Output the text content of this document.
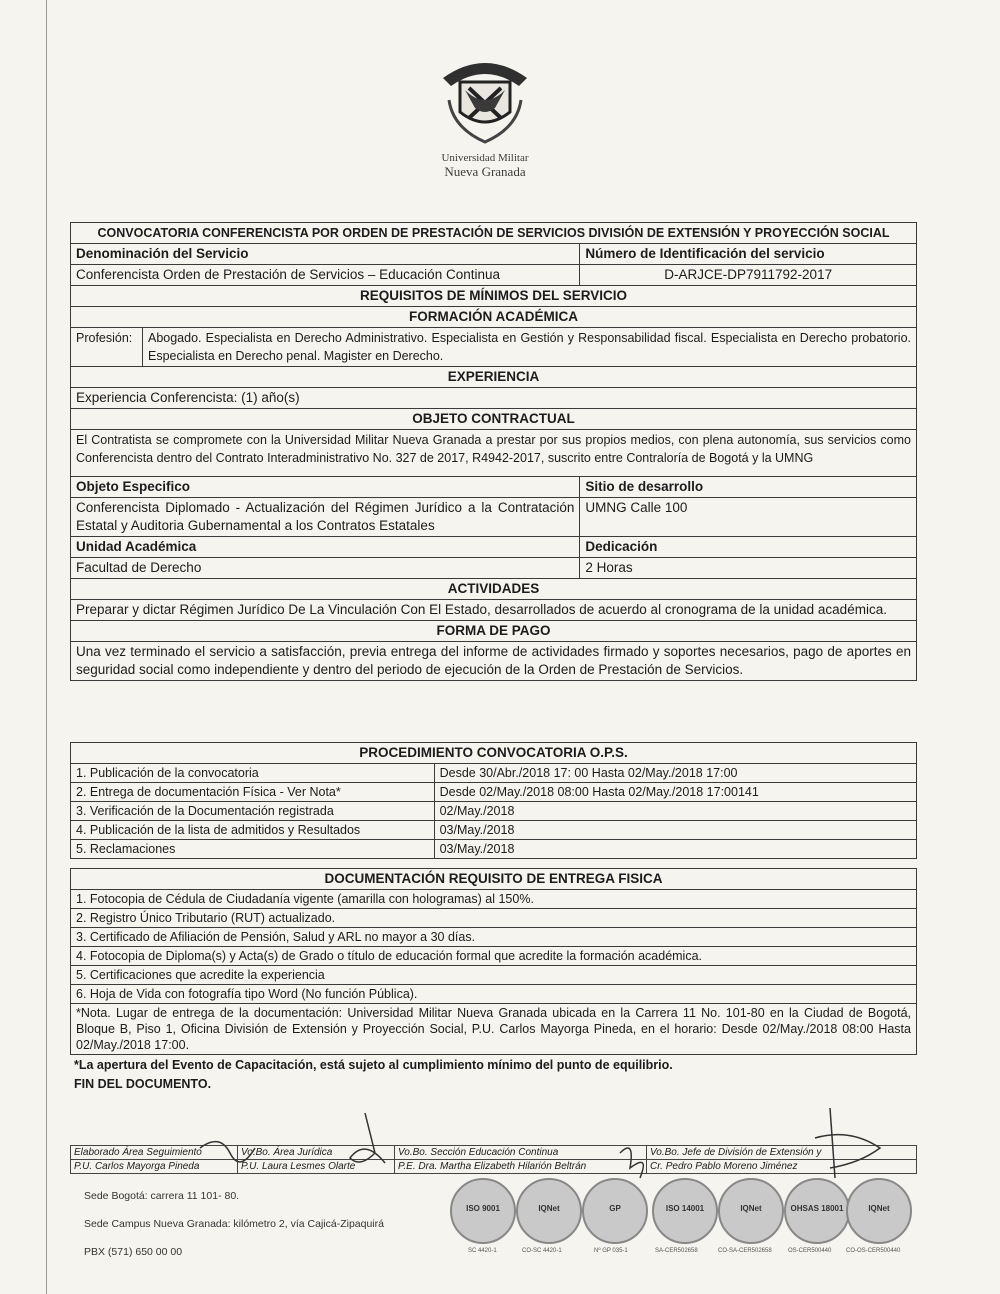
Universidad Militar
Nueva Granada
CONVOCATORIA CONFERENCISTA POR ORDEN DE PRESTACIÓN DE SERVICIOS DIVISIÓN DE EXTENSIÓN Y PROYECCIÓN SOCIAL		
Denominación del Servicio		Número de Identificación del servicio
Conferencista Orden de Prestación de Servicios – Educación Continua		D-ARJCE-DP7911792-2017
REQUISITOS DE MÍNIMOS DEL SERVICIO		
FORMACIÓN ACADÉMICA		
Profesión:	Abogado. Especialista en Derecho Administrativo. Especialista en Gestión y Responsabilidad fiscal. Especialista en Derecho probatorio. Especialista en Derecho penal. Magister en Derecho.	
EXPERIENCIA		
Experiencia Conferencista: (1) año(s)		
OBJETO CONTRACTUAL		
El Contratista se compromete con la Universidad Militar Nueva Granada a prestar por sus propios medios, con plena autonomía, sus servicios como Conferencista dentro del Contrato Interadministrativo No. 327 de 2017, R4942-2017, suscrito entre Contraloría de Bogotá y la UMNG		
Objeto Especifico		Sitio de desarrollo
Conferencista Diplomado - Actualización del Régimen Jurídico a la Contratación Estatal y Auditoria Gubernamental a los Contratos Estatales		UMNG Calle 100
Unidad Académica		Dedicación
Facultad de Derecho		2 Horas
ACTIVIDADES		
Preparar y dictar Régimen Jurídico De La Vinculación Con El Estado, desarrollados de acuerdo al cronograma de la unidad académica.		
FORMA DE PAGO		
Una vez terminado el servicio a satisfacción, previa entrega del informe de actividades firmado y soportes necesarios, pago de aportes en seguridad social como independiente y dentro del periodo de ejecución de la Orden de Prestación de Servicios.		
PROCEDIMIENTO CONVOCATORIA O.P.S.	
1. Publicación de la convocatoria	Desde 30/Abr./2018 17: 00 Hasta 02/May./2018 17:00
2. Entrega de documentación Física - Ver Nota*	Desde 02/May./2018 08:00 Hasta 02/May./2018 17:00141
3. Verificación de la Documentación registrada	02/May./2018
4. Publicación de la lista de admitidos y Resultados	03/May./2018
5. Reclamaciones	03/May./2018
DOCUMENTACIÓN REQUISITO DE ENTREGA FISICA
1. Fotocopia de Cédula de Ciudadanía vigente (amarilla con hologramas) al 150%.
2. Registro Único Tributario (RUT) actualizado.
3. Certificado de Afiliación de Pensión, Salud y ARL no mayor a 30 días.
4. Fotocopia de Diploma(s) y Acta(s) de Grado o título de educación formal que acredite la formación académica.
5. Certificaciones que acredite la experiencia
6. Hoja de Vida con fotografía tipo Word (No función Pública).
*Nota. Lugar de entrega de la documentación: Universidad Militar Nueva Granada ubicada en la Carrera 11 No. 101-80 en la Ciudad de Bogotá, Bloque B, Piso 1, Oficina División de Extensión y Proyección Social, P.U. Carlos Mayorga Pineda, en el horario: Desde 02/May./2018 08:00 Hasta 02/May./2018 17:00.
*La apertura del Evento de Capacitación, está sujeto al cumplimiento mínimo del punto de equilibrio.
FIN DEL DOCUMENTO.
Elaborado Área Seguimiento	Vo.Bo. Área Jurídica	Vo.Bo. Sección Educación Continua	Vo.Bo. Jefe de División de Extensión y
P.U. Carlos Mayorga Pineda	P.U. Laura Lesmes Olarte	P.E. Dra. Martha Elizabeth Hilarión Beltrán	Cr. Pedro Pablo Moreno Jiménez
Sede Bogotá: carrera 11 101- 80.
Sede Campus Nueva Granada: kilómetro 2, vía Cajicá-Zipaquirá
PBX (571) 650 00 00
ISO 9001
SC 4420-1
IQNet
CO-SC 4420-1
GP
Nº GP 035-1
ISO 14001
SA-CER502658
IQNet
CO-SA-CER502658
OHSAS 18001
OS-CER500440
IQNet
CO-OS-CER500440
